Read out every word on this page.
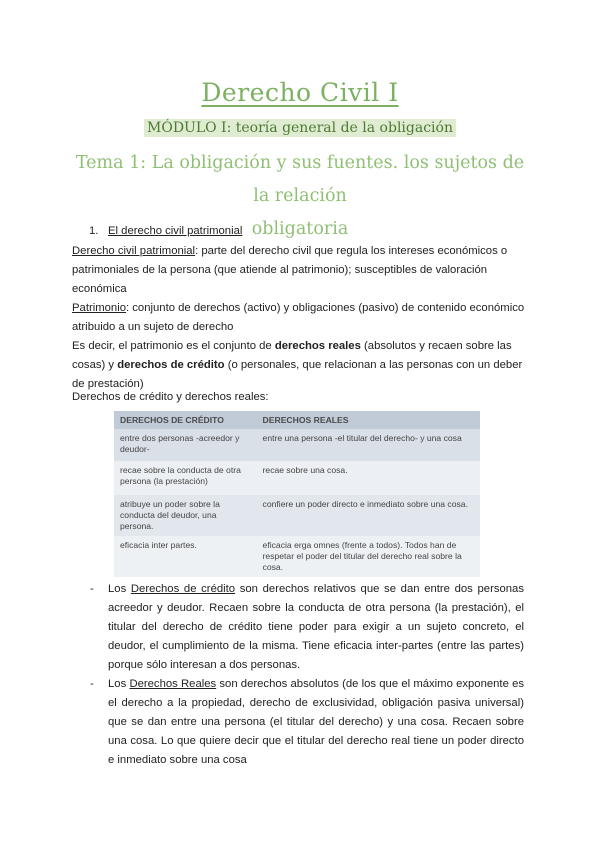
Derecho Civil I
MÓDULO I: teoría general de la obligación
Tema 1: La obligación y sus fuentes. los sujetos de la relación
obligatoria
1. El derecho civil patrimonial
Derecho civil patrimonial: parte del derecho civil que regula los intereses económicos o patrimoniales de la persona (que atiende al patrimonio); susceptibles de valoración económica
Patrimonio: conjunto de derechos (activo) y obligaciones (pasivo) de contenido económico atribuido a un sujeto de derecho
Es decir, el patrimonio es el conjunto de derechos reales (absolutos y recaen sobre las cosas) y derechos de crédito (o personales, que relacionan a las personas con un deber de prestación)
Derechos de crédito y derechos reales:
DERECHOS DE CRÉDITO	DERECHOS REALES
entre dos personas -acreedor y deudor-	entre una persona -el titular del derecho- y una cosa
recae sobre la conducta de otra persona (la prestación)	recae sobre una cosa.
atribuye un poder sobre la conducta del deudor, una persona.	confiere un poder directo e inmediato sobre una cosa.
eficacia inter partes.	eficacia erga omnes (frente a todos). Todos han de respetar el poder del titular del derecho real sobre la cosa.
-	Los Derechos de crédito son derechos relativos que se dan entre dos personas acreedor y deudor. Recaen sobre la conducta de otra persona (la prestación), el titular del derecho de crédito tiene poder para exigir a un sujeto concreto, el deudor, el cumplimiento de la misma. Tiene eficacia inter-partes (entre las partes) porque sólo interesan a dos personas.
-	Los Derechos Reales son derechos absolutos (de los que el máximo exponente es el derecho a la propiedad, derecho de exclusividad, obligación pasiva universal) que se dan entre una persona (el titular del derecho) y una cosa. Recaen sobre una cosa. Lo que quiere decir que el titular del derecho real tiene un poder directo e inmediato sobre una cosa
